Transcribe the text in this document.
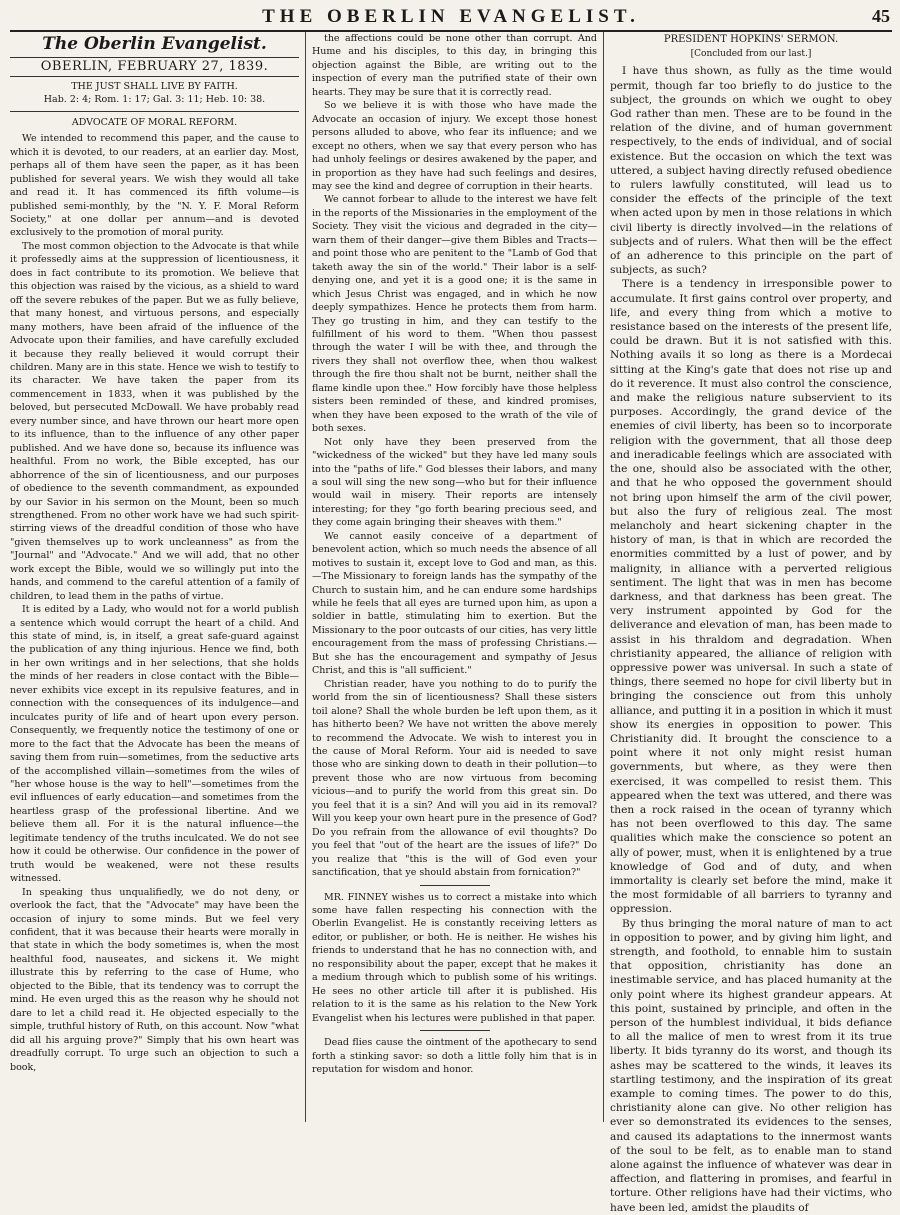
THE OBERLIN EVANGELIST.	45
The Oberlin Evangelist.
OBERLIN, FEBRUARY 27, 1839.
THE JUST SHALL LIVE BY FAITH.
Hab. 2: 4; Rom. 1: 17; Gal. 3: 11; Heb. 10: 38.
ADVOCATE OF MORAL REFORM.

We intended to recommend this paper, and the cause to which it is devoted, to our readers, at an earlier day. Most, perhaps all of them have seen the paper, as it has been published for several years. We wish they would all take and read it. It has commenced its fifth volume—is published semi-monthly, by the "N. Y. F. Moral Reform Society," at one dollar per annum—and is devoted exclusively to the promotion of moral purity.

The most common objection to the Advocate is that while it professedly aims at the suppression of licentiousness, it does in fact contribute to its promotion. We believe that this objection was raised by the vicious, as a shield to ward off the severe rebukes of the paper. But we as fully believe, that many honest, and virtuous persons, and especially many mothers, have been afraid of the influence of the Advocate upon their families, and have carefully excluded it because they really believed it would corrupt their children. Many are in this state. Hence we wish to testify to its character. We have taken the paper from its commencement in 1833, when it was published by the beloved, but persecuted McDowall. We have probably read every number since, and have thrown our heart more open to its influence, than to the influence of any other paper published. And we have done so, because its influence was healthful. From no work, the Bible excepted, has our abhorrence of the sin of licentiousness, and our purposes of obedience to the seventh commandment, as expounded by our Savior in his sermon on the Mount, been so much strengthened. From no other work have we had such spirit-stirring views of the dreadful condition of those who have "given themselves up to work uncleanness" as from the "Journal" and "Advocate." And we will add, that no other work except the Bible, would we so willingly put into the hands, and commend to the careful attention of a family of children, to lead them in the paths of virtue.

It is edited by a Lady, who would not for a world publish a sentence which would corrupt the heart of a child. And this state of mind, is, in itself, a great safe-guard against the publication of any thing injurious. Hence we find, both in her own writings and in her selections, that she holds the minds of her readers in close contact with the Bible—never exhibits vice except in its repulsive features, and in connection with the consequences of its indulgence—and inculcates purity of life and of heart upon every person. Consequently, we frequently notice the testimony of one or more to the fact that the Advocate has been the means of saving them from ruin—sometimes, from the seductive arts of the accomplished villain—sometimes from the wiles of "her whose house is the way to hell"—sometimes from the evil influences of early education—and sometimes from the heartless grasp of the professional libertine. And we believe them all. For it is the natural influence—the legitimate tendency of the truths inculcated. We do not see how it could be otherwise. Our confidence in the power of truth would be weakened, were not these results witnessed.

In speaking thus unqualifiedly, we do not deny, or overlook the fact, that the "Advocate" may have been the occasion of injury to some minds. But we feel very confident, that it was because their hearts were morally in that state in which the body sometimes is, when the most healthful food, nauseates, and sickens it. We might illustrate this by referring to the case of Hume, who objected to the Bible, that its tendency was to corrupt the mind. He even urged this as the reason why he should not dare to let a child read it. He objected especially to the simple, truthful history of Ruth, on this account. Now "what did all his arguing prove?" Simply that his own heart was dreadfully corrupt. To urge such an objection to such a book,

the affections could be none other than corrupt. And Hume and his disciples, to this day, in bringing this objection against the Bible, are writing out to the inspection of every man the putrified state of their own hearts. They may be sure that it is correctly read.

So we believe it is with those who have made the Advocate an occasion of injury. We except those honest persons alluded to above, who fear its influence; and we except no others, when we say that every person who has had unholy feelings or desires awakened by the paper, and in proportion as they have had such feelings and desires, may see the kind and degree of corruption in their hearts.

We cannot forbear to allude to the interest we have felt in the reports of the Missionaries in the employment of the Society. They visit the vicious and degraded in the city—warn them of their danger—give them Bibles and Tracts—and point those who are penitent to the "Lamb of God that taketh away the sin of the world." Their labor is a self-denying one, and yet it is a good one; it is the same in which Jesus Christ was engaged, and in which he now deeply sympathizes. Hence he protects them from harm. They go trusting in him, and they can testify to the fulfillment of his word to them. "When thou passest through the water I will be with thee, and through the rivers they shall not overflow thee, when thou walkest through the fire thou shalt not be burnt, neither shall the flame kindle upon thee." How forcibly have those helpless sisters been reminded of these, and kindred promises, when they have been exposed to the wrath of the vile of both sexes.

Not only have they been preserved from the "wickedness of the wicked" but they have led many souls into the "paths of life." God blesses their labors, and many a soul will sing the new song—who but for their influence would wail in misery. Their reports are intensely interesting; for they "go forth bearing precious seed, and they come again bringing their sheaves with them."

We cannot easily conceive of a department of benevolent action, which so much needs the absence of all motives to sustain it, except love to God and man, as this.—The Missionary to foreign lands has the sympathy of the Church to sustain him, and he can endure some hardships while he feels that all eyes are turned upon him, as upon a soldier in battle, stimulating him to exertion. But the Missionary to the poor outcasts of our cities, has very little encouragement from the mass of professing Christians.—But she has the encouragement and sympathy of Jesus Christ, and this is "all sufficient."

Christian reader, have you nothing to do to purify the world from the sin of licentiousness? Shall these sisters toil alone? Shall the whole burden be left upon them, as it has hitherto been? We have not written the above merely to recommend the Advocate. We wish to interest you in the cause of Moral Reform. Your aid is needed to save those who are sinking down to death in their pollution—to prevent those who are now virtuous from becoming vicious—and to purify the world from this great sin. Do you feel that it is a sin? And will you aid in its removal? Will you keep your own heart pure in the presence of God? Do you refrain from the allowance of evil thoughts? Do you feel that "out of the heart are the issues of life?" Do you realize that "this is the will of God even your sanctification, that ye should abstain from fornication?"

MR. FINNEY wishes us to correct a mistake into which some have fallen respecting his connection with the Oberlin Evangelist. He is constantly receiving letters as editor, or publisher, or both. He is neither. He wishes his friends to understand that he has no connection with, and no responsibility about the paper, except that he makes it a medium through which to publish some of his writings. He sees no other article till after it is published. His relation to it is the same as his relation to the New York Evangelist when his lectures were published in that paper.

Dead flies cause the ointment of the apothecary to send forth a stinking savor: so doth a little folly him that is in reputation for wisdom and honor.

PRESIDENT HOPKINS' SERMON.
[Concluded from our last.]

I have thus shown, as fully as the time would permit, though far too briefly to do justice to the subject, the grounds on which we ought to obey God rather than men. These are to be found in the relation of the divine, and of human government respectively, to the ends of individual, and of social existence. But the occasion on which the text was uttered, a subject having directly refused obedience to rulers lawfully constituted, will lead us to consider the effects of the principle of the text when acted upon by men in those relations in which civil liberty is directly involved—in the relations of subjects and of rulers. What then will be the effect of an adherence to this principle on the part of subjects, as such?

There is a tendency in irresponsible power to accumulate. It first gains control over property, and life, and every thing from which a motive to resistance based on the interests of the present life, could be drawn. But it is not satisfied with this. Nothing avails it so long as there is a Mordecai sitting at the King's gate that does not rise up and do it reverence. It must also control the conscience, and make the religious nature subservient to its purposes. Accordingly, the grand device of the enemies of civil liberty, has been so to incorporate religion with the government, that all those deep and ineradicable feelings which are associated with the one, should also be associated with the other, and that he who opposed the government should not bring upon himself the arm of the civil power, but also the fury of religious zeal. The most melancholy and heart sickening chapter in the history of man, is that in which are recorded the enormities committed by a lust of power, and by malignity, in alliance with a perverted religious sentiment. The light that was in men has become darkness, and that darkness has been great. The very instrument appointed by God for the deliverance and elevation of man, has been made to assist in his thraldom and degradation. When christianity appeared, the alliance of religion with oppressive power was universal. In such a state of things, there seemed no hope for civil liberty but in bringing the conscience out from this unholy alliance, and putting it in a position in which it must show its energies in opposition to power. This Christianity did. It brought the conscience to a point where it not only might resist human governments, but where, as they were then exercised, it was compelled to resist them. This appeared when the text was uttered, and there was then a rock raised in the ocean of tyranny which has not been overflowed to this day. The same qualities which make the conscience so potent an ally of power, must, when it is enlightened by a true knowledge of God and of duty, and when immortality is clearly set before the mind, make it the most formidable of all barriers to tyranny and oppression.

By thus bringing the moral nature of man to act in opposition to power, and by giving him light, and strength, and foothold, to ennable him to sustain that opposition, christianity has done an inestimable service, and has placed humanity at the only point where its highest grandeur appears. At this point, sustained by principle, and often in the person of the humblest individual, it bids defiance to all the malice of men to wrest from it its true liberty. It bids tyranny do its worst, and though its ashes may be scattered to the winds, it leaves its startling testimony, and the inspiration of its great example to coming times. The power to do this, christianity alone can give. No other religion has ever so demonstrated its evidences to the senses, and caused its adaptations to the innermost wants of the soul to be felt, as to enable man to stand alone against the influence of whatever was dear in affection, and flattering in promises, and fearful in torture. Other religions have had their victims, who have been led, amidst the plaudits of
